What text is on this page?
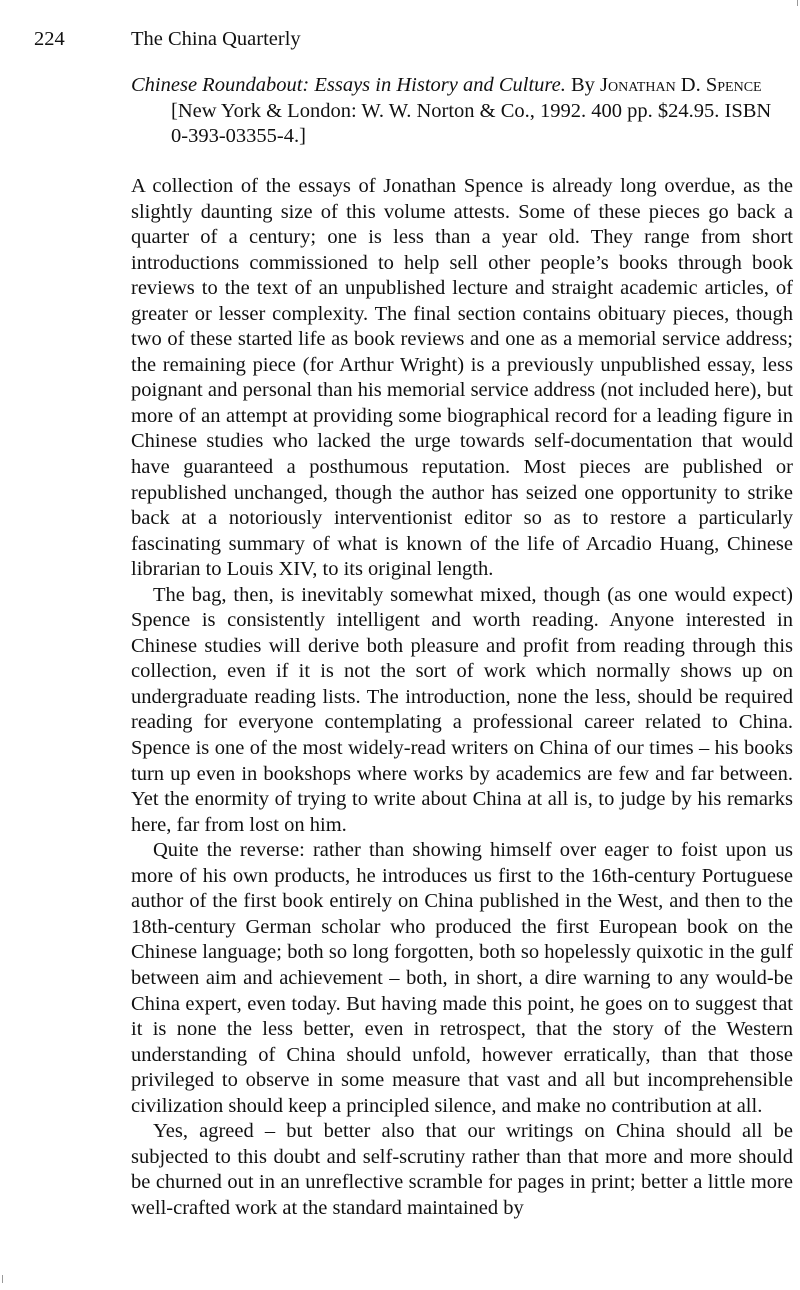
224	The China Quarterly
Chinese Roundabout: Essays in History and Culture. By Jonathan D. Spence [New York & London: W. W. Norton & Co., 1992. 400 pp. $24.95. ISBN 0-393-03355-4.]

A collection of the essays of Jonathan Spence is already long overdue, as the slightly daunting size of this volume attests. Some of these pieces go back a quarter of a century; one is less than a year old. They range from short introductions commissioned to help sell other people’s books through book reviews to the text of an unpublished lecture and straight academic articles, of greater or lesser complexity. The final section contains obituary pieces, though two of these started life as book reviews and one as a memorial service address; the remaining piece (for Arthur Wright) is a previously unpublished essay, less poignant and personal than his memorial service address (not included here), but more of an attempt at providing some biographical record for a leading figure in Chinese studies who lacked the urge towards self-documentation that would have guaranteed a posthumous reputation. Most pieces are published or republished unchanged, though the author has seized one opportunity to strike back at a notoriously interventionist editor so as to restore a particularly fascinating summary of what is known of the life of Arcadio Huang, Chinese librarian to Louis XIV, to its original length.

The bag, then, is inevitably somewhat mixed, though (as one would expect) Spence is consistently intelligent and worth reading. Anyone interested in Chinese studies will derive both pleasure and profit from reading through this collection, even if it is not the sort of work which normally shows up on undergraduate reading lists. The introduction, none the less, should be required reading for everyone contemplating a professional career related to China. Spence is one of the most widely-read writers on China of our times – his books turn up even in bookshops where works by academics are few and far between. Yet the enormity of trying to write about China at all is, to judge by his remarks here, far from lost on him.

Quite the reverse: rather than showing himself over eager to foist upon us more of his own products, he introduces us first to the 16th-century Portuguese author of the first book entirely on China published in the West, and then to the 18th-century German scholar who produced the first European book on the Chinese language; both so long forgotten, both so hopelessly quixotic in the gulf between aim and achievement – both, in short, a dire warning to any would-be China expert, even today. But having made this point, he goes on to suggest that it is none the less better, even in retrospect, that the story of the Western understanding of China should unfold, however erratically, than that those privileged to observe in some measure that vast and all but incomprehensible civilization should keep a principled silence, and make no contribution at all.

Yes, agreed – but better also that our writings on China should all be subjected to this doubt and self-scrutiny rather than that more and more should be churned out in an unreflective scramble for pages in print; better a little more well-crafted work at the standard maintained by
